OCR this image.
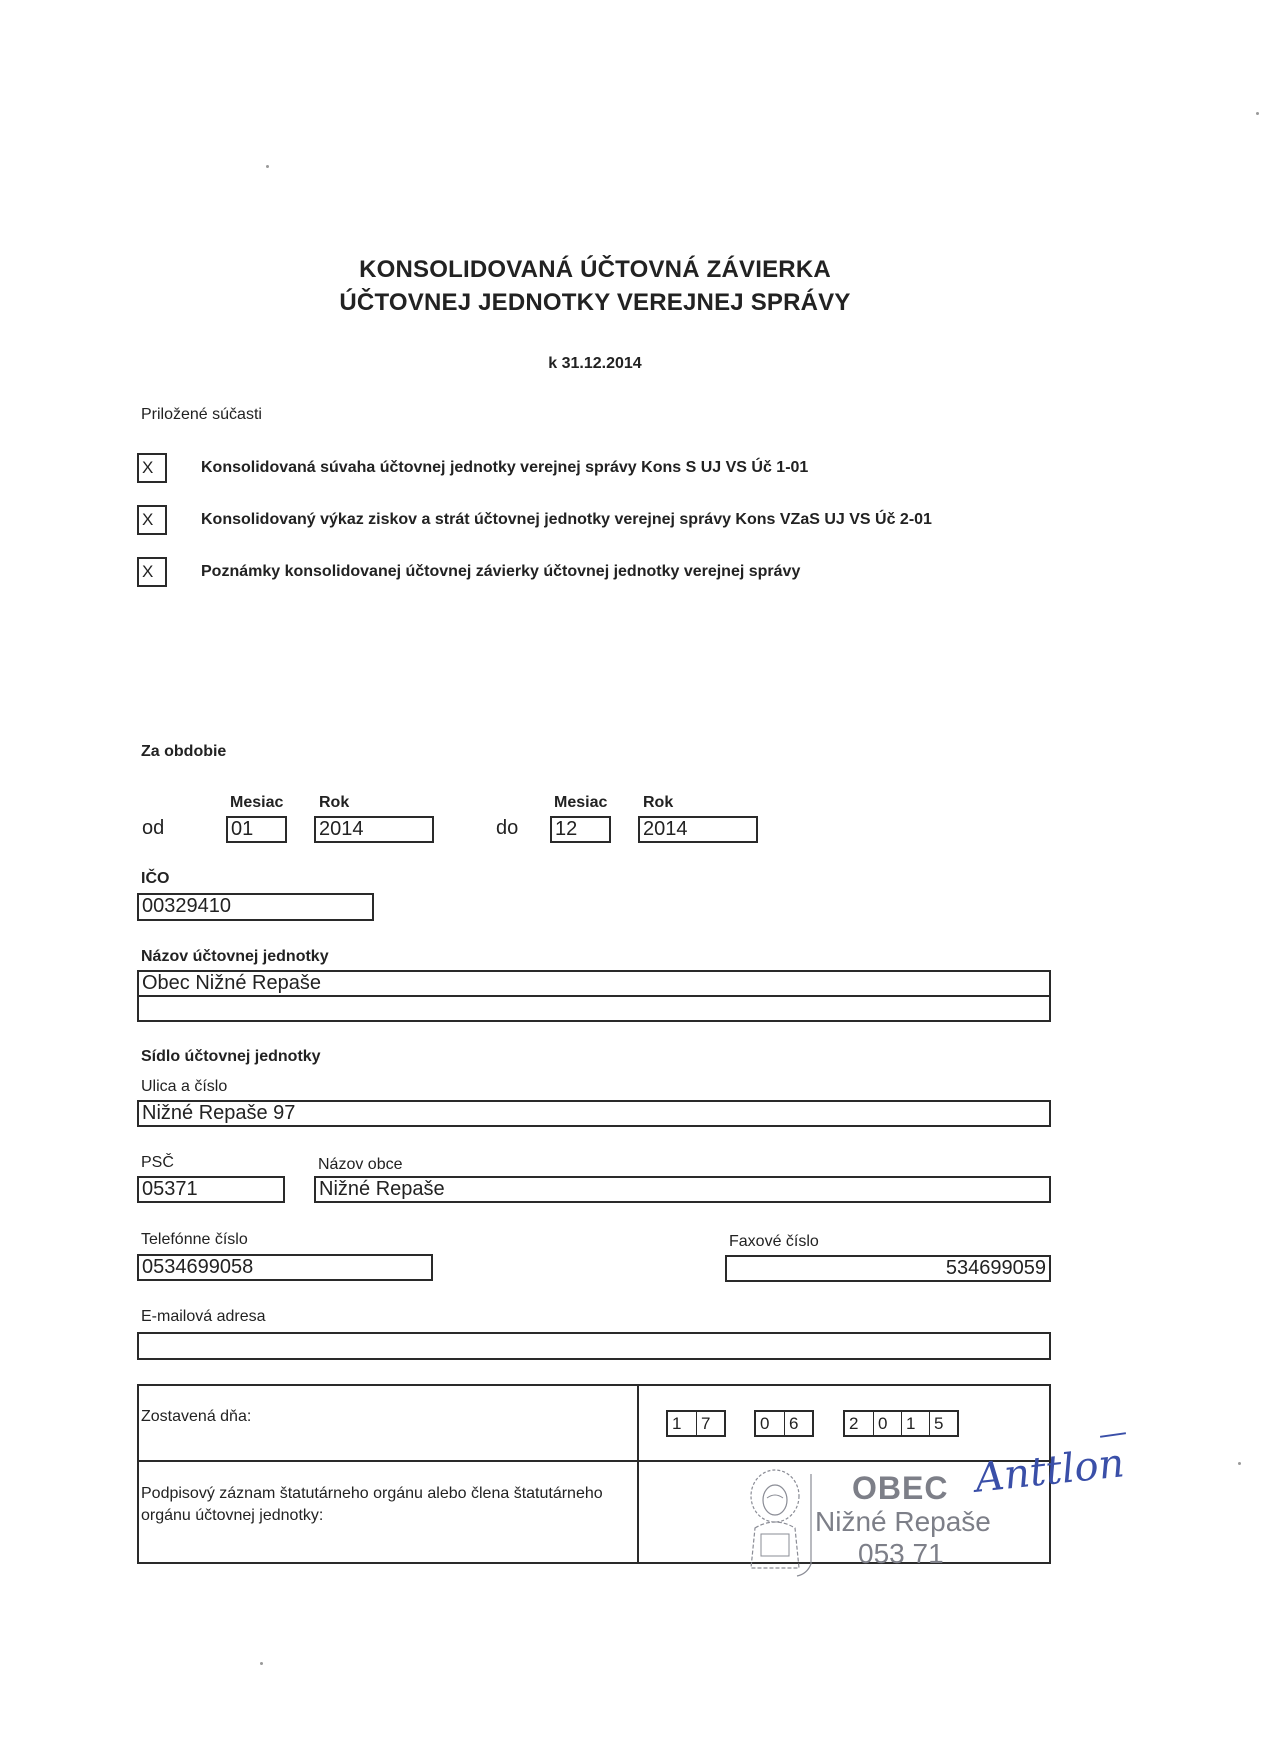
KONSOLIDOVANÁ ÚČTOVNÁ ZÁVIERKA
ÚČTOVNEJ JEDNOTKY VEREJNEJ SPRÁVY
k 31.12.2014
Priložené súčasti
X	Konsolidovaná súvaha účtovnej jednotky verejnej správy Kons S UJ VS Úč 1-01
X	Konsolidovaný výkaz ziskov a strát účtovnej jednotky verejnej správy Kons VZaS UJ VS Úč 2-01
X	Poznámky konsolidovanej účtovnej závierky účtovnej jednotky verejnej správy
Za obdobie
Mesiac Rok	Mesiac Rok
od	01	2014	do 12	2014
IČO
00329410
Názov účtovnej jednotky
Obec Nižné Repaše
Sídlo účtovnej jednotky
Ulica a číslo
Nižné Repaše 97
PSČ
05371
Názov obce
Nižné Repaše
Telefónne číslo
0534699058
Faxové číslo
534699059
E-mailová adresa
Zostavená dňa:	1	7	0	6	2	0	1	5
Podpisový záznam štatutárneho orgánu alebo člena štatutárneho orgánu účtovnej jednotky:
OBEC
Nižné Repaše
053 71
Anttlon
